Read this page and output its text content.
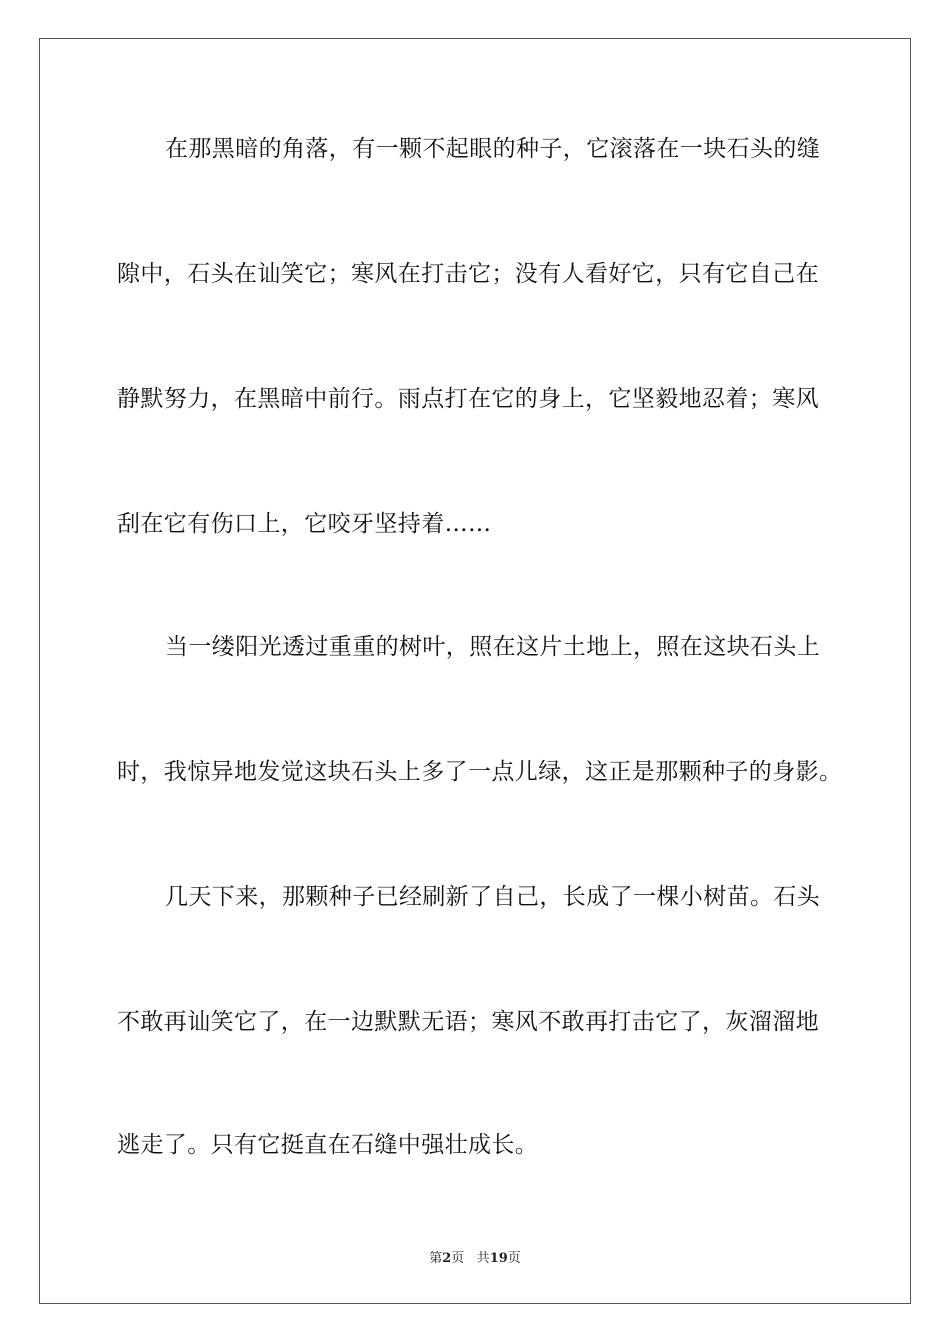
在那黑暗的角落，有一颗不起眼的种子，它滚落在一块石头的缝
隙中，石头在讪笑它；寒风在打击它；没有人看好它，只有它自己在
静默努力，在黑暗中前行。雨点打在它的身上，它坚毅地忍着；寒风
刮在它有伤口上，它咬牙坚持着……
当一缕阳光透过重重的树叶，照在这片土地上，照在这块石头上
时，我惊异地发觉这块石头上多了一点儿绿，这正是那颗种子的身影。
几天下来，那颗种子已经刷新了自己，长成了一棵小树苗。石头
不敢再讪笑它了，在一边默默无语；寒风不敢再打击它了，灰溜溜地
逃走了。只有它挺直在石缝中强壮成长。
第2页 共19页
